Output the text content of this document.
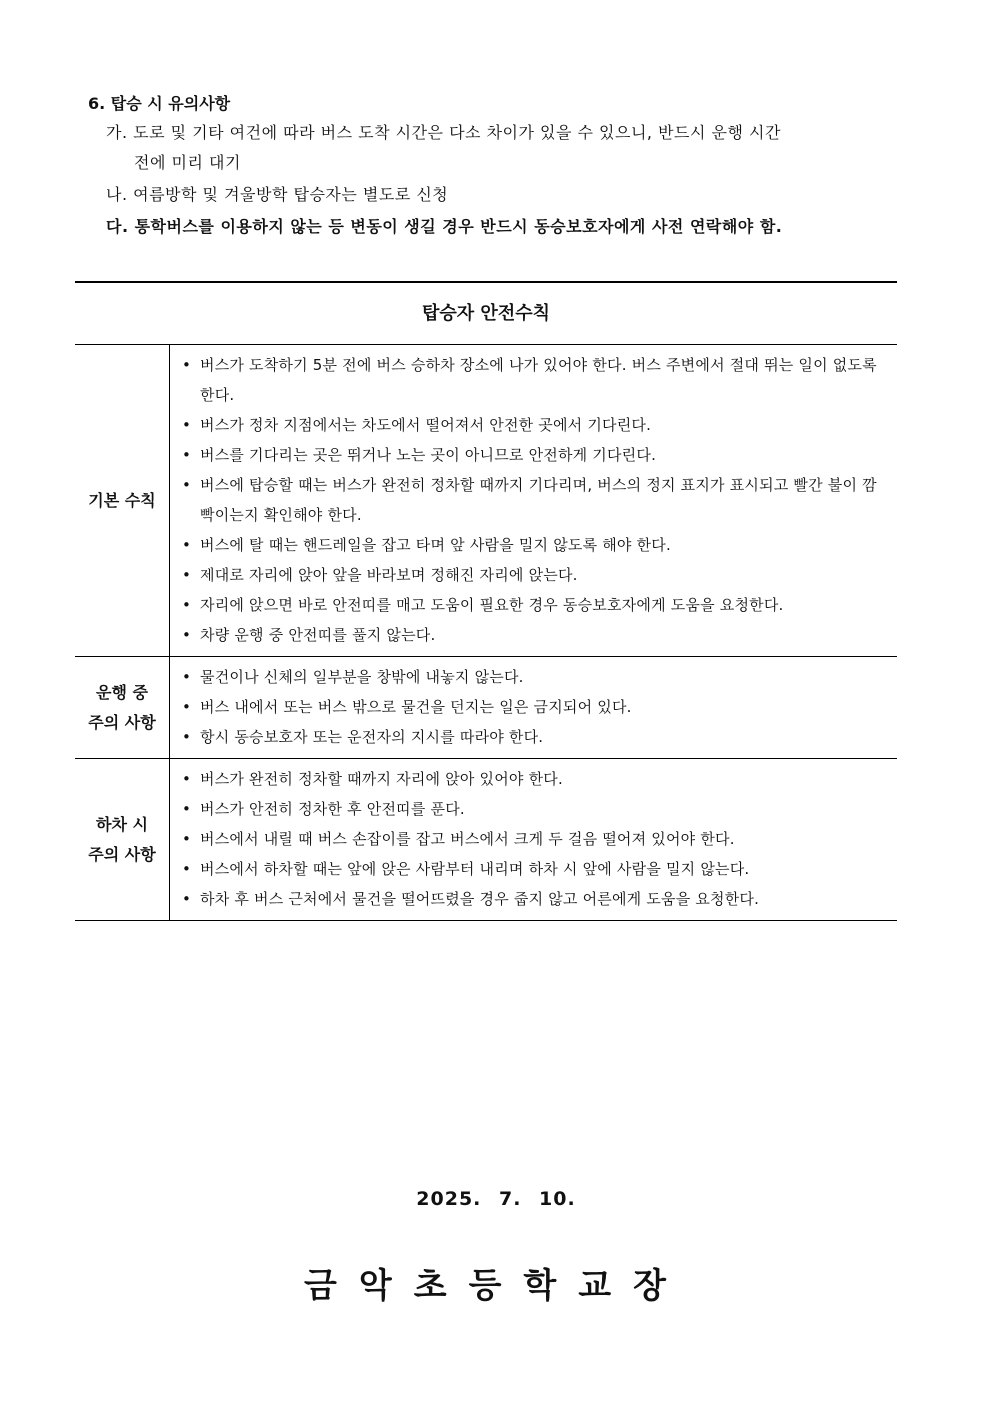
6. 탑승 시 유의사항
가. 도로 및 기타 여건에 따라 버스 도착 시간은 다소 차이가 있을 수 있으니, 반드시 운행 시간
전에 미리 대기
나. 여름방학 및 겨울방학 탑승자는 별도로 신청
다. 통학버스를 이용하지 않는 등 변동이 생길 경우 반드시 동승보호자에게 사전 연락해야 함.
탑승자 안전수칙
기본 수칙
• 버스가 도착하기 5분 전에 버스 승하차 장소에 나가 있어야 한다. 버스 주변에서 절대 뛰는 일이 없도록 한다.
• 버스가 정차 지점에서는 차도에서 떨어져서 안전한 곳에서 기다린다.
• 버스를 기다리는 곳은 뛰거나 노는 곳이 아니므로 안전하게 기다린다.
• 버스에 탑승할 때는 버스가 완전히 정차할 때까지 기다리며, 버스의 정지 표지가 표시되고 빨간 불이 깜빡이는지 확인해야 한다.
• 버스에 탈 때는 핸드레일을 잡고 타며 앞 사람을 밀지 않도록 해야 한다.
• 제대로 자리에 앉아 앞을 바라보며 정해진 자리에 앉는다.
• 자리에 앉으면 바로 안전띠를 매고 도움이 필요한 경우 동승보호자에게 도움을 요청한다.
• 차량 운행 중 안전띠를 풀지 않는다.
운행 중
주의 사항
• 물건이나 신체의 일부분을 창밖에 내놓지 않는다.
• 버스 내에서 또는 버스 밖으로 물건을 던지는 일은 금지되어 있다.
• 항시 동승보호자 또는 운전자의 지시를 따라야 한다.
하차 시
주의 사항
• 버스가 완전히 정차할 때까지 자리에 앉아 있어야 한다.
• 버스가 안전히 정차한 후 안전띠를 푼다.
• 버스에서 내릴 때 버스 손잡이를 잡고 버스에서 크게 두 걸음 떨어져 있어야 한다.
• 버스에서 하차할 때는 앞에 앉은 사람부터 내리며 하차 시 앞에 사람을 밀지 않는다.
• 하차 후 버스 근처에서 물건을 떨어뜨렸을 경우 줍지 않고 어른에게 도움을 요청한다.
2025. 7. 10.
금악초등학교장
